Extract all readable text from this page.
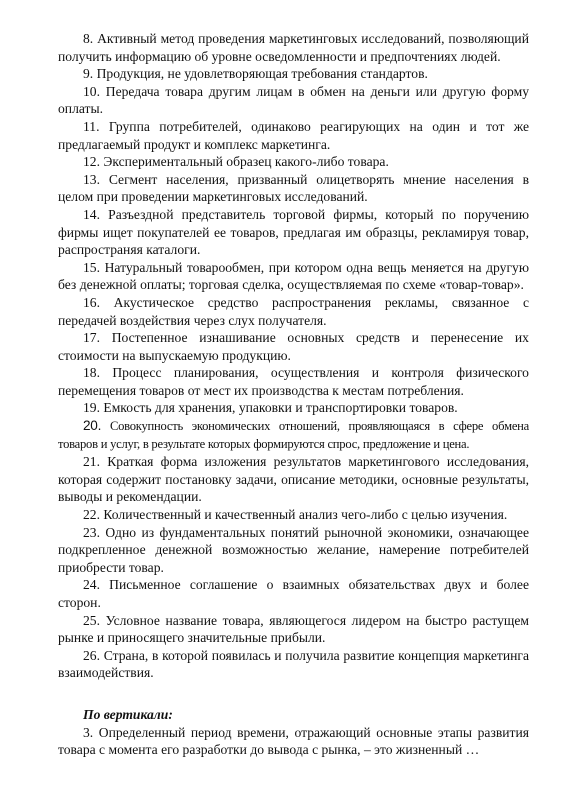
8. Активный метод проведения маркетинговых исследований, позволяющий получить информацию об уровне осведомленности и предпочтениях людей.

9. Продукция, не удовлетворяющая требования стандартов.

10. Передача товара другим лицам в обмен на деньги или другую форму оплаты.

11. Группа потребителей, одинаково реагирующих на один и тот же предлагаемый продукт и комплекс маркетинга.

12. Экспериментальный образец какого-либо товара.

13. Сегмент населения, призванный олицетворять мнение населения в целом при проведении маркетинговых исследований.

14. Разъездной представитель торговой фирмы, который по поручению фирмы ищет покупателей ее товаров, предлагая им образцы, рекламируя товар, распространяя каталоги.

15. Натуральный товарообмен, при котором одна вещь меняется на другую без денежной оплаты; торговая сделка, осуществляемая по схеме «товар-товар».

16. Акустическое средство распространения рекламы, связанное с передачей воздействия через слух получателя.

17. Постепенное изнашивание основных средств и перенесение их стоимости на выпускаемую продукцию.

18. Процесс планирования, осуществления и контроля физического перемещения товаров от мест их производства к местам потребления.

19. Емкость для хранения, упаковки и транспортировки товаров.

20. Совокупность экономических отношений, проявляющаяся в сфере обмена товаров и услуг, в результате которых формируются спрос, предложение и цена.

21. Краткая форма изложения результатов маркетингового исследования, которая содержит постановку задачи, описание методики, основные результаты, выводы и рекомендации.

22. Количественный и качественный анализ чего-либо с целью изучения.

23. Одно из фундаментальных понятий рыночной экономики, означающее подкрепленное денежной возможностью желание, намерение потребителей приобрести товар.

24. Письменное соглашение о взаимных обязательствах двух и более сторон.

25. Условное название товара, являющегося лидером на быстро растущем рынке и приносящего значительные прибыли.

26. Страна, в которой появилась и получила развитие концепция маркетинга взаимодействия.

По вертикали:

3. Определенный период времени, отражающий основные этапы развития товара с момента его разработки до вывода с рынка, – это жизненный …
